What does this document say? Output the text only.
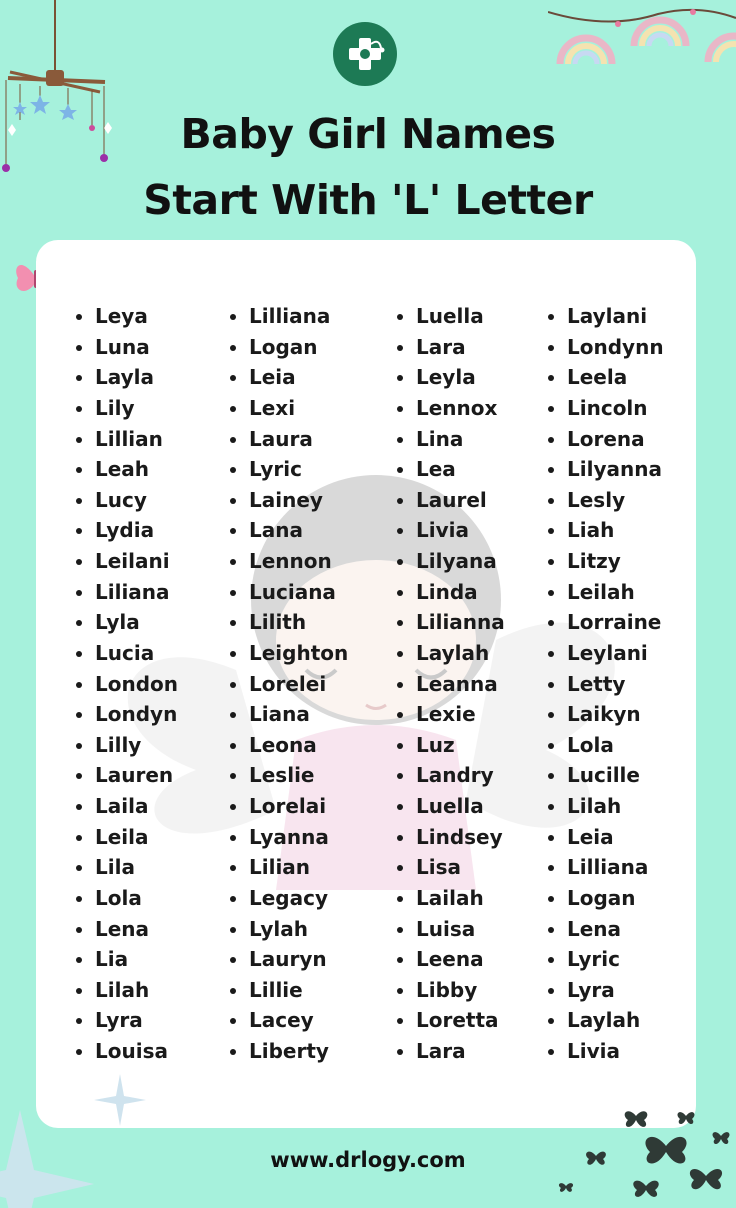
Baby Girl Names
Start With 'L' Letter
Leya
Luna
Layla
Lily
Lillian
Leah
Lucy
Lydia
Leilani
Liliana
Lyla
Lucia
London
Londyn
Lilly
Lauren
Laila
Leila
Lila
Lola
Lena
Lia
Lilah
Lyra
Louisa
Lilliana
Logan
Leia
Lexi
Laura
Lyric
Lainey
Lana
Lennon
Luciana
Lilith
Leighton
Lorelei
Liana
Leona
Leslie
Lorelai
Lyanna
Lilian
Legacy
Lylah
Lauryn
Lillie
Lacey
Liberty
Luella
Lara
Leyla
Lennox
Lina
Lea
Laurel
Livia
Lilyana
Linda
Lilianna
Laylah
Leanna
Lexie
Luz
Landry
Luella
Lindsey
Lisa
Lailah
Luisa
Leena
Libby
Loretta
Lara
Laylani
Londynn
Leela
Lincoln
Lorena
Lilyanna
Lesly
Liah
Litzy
Leilah
Lorraine
Leylani
Letty
Laikyn
Lola
Lucille
Lilah
Leia
Lilliana
Logan
Lena
Lyric
Lyra
Laylah
Livia
www.drlogy.com
